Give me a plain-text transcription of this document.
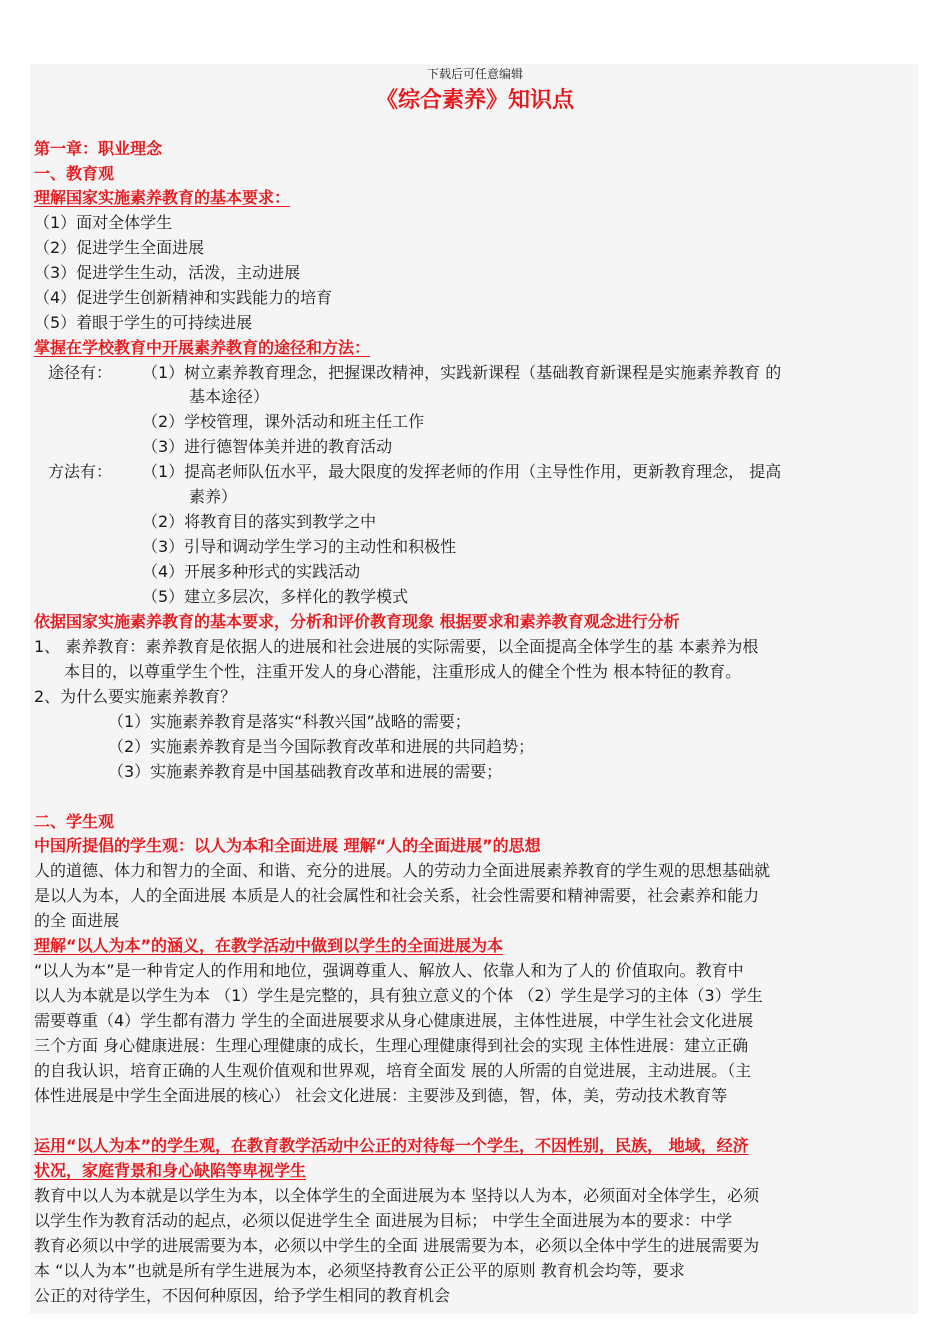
下载后可任意编辑
《综合素养》知识点
第一章：职业理念
一、教育观
理解国家实施素养教育的基本要求：
（1）面对全体学生
（2）促进学生全面进展
（3）促进学生生动，活泼，主动进展
（4）促进学生创新精神和实践能力的培育
（5）着眼于学生的可持续进展
掌握在学校教育中开展素养教育的途径和方法：
途径有： （1）树立素养教育理念，把握课改精神，实践新课程（基础教育新课程是实施素养教育 的
基本途径）
（2）学校管理，课外活动和班主任工作
（3）进行德智体美并进的教育活动
方法有： （1）提高老师队伍水平，最大限度的发挥老师的作用（主导性作用，更新教育理念， 提高
素养）
（2）将教育目的落实到教学之中
（3）引导和调动学生学习的主动性和积极性
（4）开展多种形式的实践活动
（5）建立多层次，多样化的教学模式
依据国家实施素养教育的基本要求，分析和评价教育现象 根据要求和素养教育观念进行分析
1、 素养教育：素养教育是依据人的进展和社会进展的实际需要，以全面提高全体学生的基 本素养为根
本目的，以尊重学生个性，注重开发人的身心潜能，注重形成人的健全个性为 根本特征的教育。
2、为什么要实施素养教育？
（1）实施素养教育是落实“科教兴国”战略的需要；
（2）实施素养教育是当今国际教育改革和进展的共同趋势；
（3）实施素养教育是中国基础教育改革和进展的需要；
二、学生观
中国所提倡的学生观：以人为本和全面进展 理解“人的全面进展”的思想
人的道德、体力和智力的全面、和谐、充分的进展。人的劳动力全面进展素养教育的学生观的思想基础就
是以人为本，人的全面进展 本质是人的社会属性和社会关系，社会性需要和精神需要，社会素养和能力
的全 面进展
理解“以人为本”的涵义，在教学活动中做到以学生的全面进展为本
“以人为本”是一种肯定人的作用和地位，强调尊重人、解放人、依靠人和为了人的 价值取向。教育中
以人为本就是以学生为本 （1）学生是完整的，具有独立意义的个体 （2）学生是学习的主体（3）学生
需要尊重（4）学生都有潜力 学生的全面进展要求从身心健康进展，主体性进展，中学生社会文化进展
三个方面 身心健康进展：生理心理健康的成长，生理心理健康得到社会的实现 主体性进展：建立正确
的自我认识，培育正确的人生观价值观和世界观，培育全面发 展的人所需的自觉进展，主动进展。（主
体性进展是中学生全面进展的核心） 社会文化进展：主要涉及到德，智，体，美，劳动技术教育等
运用“以人为本”的学生观，在教育教学活动中公正的对待每一个学生，不因性别，民族， 地域，经济
状况，家庭背景和身心缺陷等卑视学生
教育中以人为本就是以学生为本，以全体学生的全面进展为本 坚持以人为本，必须面对全体学生，必须
以学生作为教育活动的起点，必须以促进学生全 面进展为目标； 中学生全面进展为本的要求：中学
教育必须以中学的进展需要为本，必须以中学生的全面 进展需要为本，必须以全体中学生的进展需要为
本 “以人为本”也就是所有学生进展为本，必须坚持教育公正公平的原则 教育机会均等，要求
公正的对待学生，不因何种原因，给予学生相同的教育机会
